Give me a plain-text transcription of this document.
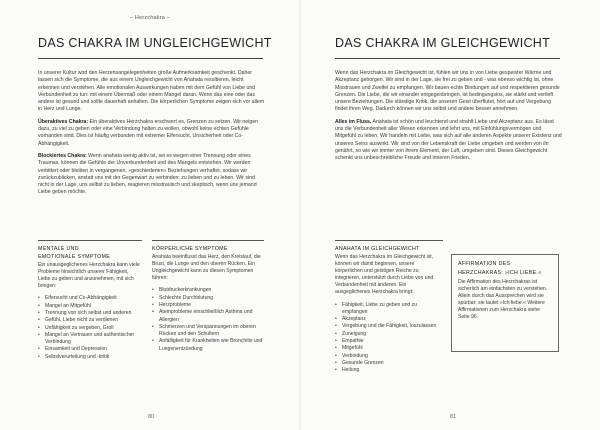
– Herzchakra –
DAS CHAKRA IM UNGLEICHGEWICHT

In unserer Kultur wird den Herzensangelegenheiten große Aufmerksamkeit geschenkt. Daher lassen sich die Symptome, die aus einem Ungleichgewicht von Anahata resultieren, leicht erkennen und verstehen. Alle emotionalen Auswirkungen haben mit dem Gefühl von Liebe und Verbundenheit zu tun: mit einem Übermaß oder einem Mangel daran. Wenn das eine oder das andere ist gesund und sollte dauerhaft anhalten. Die körperlichen Symptome zeigen sich vor allem in Herz und Lunge.

Überaktives Chakra: Ein überaktives Herzchakra erschwert es, Grenzen zu setzen. Wir neigen dazu, zu viel zu geben oder eine Verbindung halten zu wollen, obwohl keine echten Gefühle vorhanden sind. Dies ist häufig verbunden mit extremer Eifersucht, Unsicherheit oder Co-Abhängigkeit.

Blockiertes Chakra: Wenn anahata wenig aktiv ist, sei es wegen einer Trennung oder eines Traumas, können die Gefühle der Unverbundenheit und des Mangels entstehen. Wir werden verbittert oder bleiben in vergangenen, »geschiedenen« Beziehungen verhaftet, sodass wir zurückzublicken, anstatt uns mit der Gegenwart zu verbinden; zu lieben und zu leben. Wir sind nicht in der Lage, uns selbst zu lieben, reagieren misstrauisch und skeptisch, wenn uns jemand Liebe geben möchte.

MENTALE UND
EMOTIONALE SYMPTOME
Ein unausgeglichenes Herzchakra kann viele Probleme hinsichtlich unserer Fähigkeit, Liebe zu geben und anzunehmen, mit sich bringen:
• Eifersucht und Co-Abhängigkeit
• Mangel an Mitgefühl
• Trennung von sich selbst und anderen
• Gefühl, Liebe nicht zu verdienen
• Unfähigkeit zu vergeben, Groll
• Mangel an Vertrauen und authentischer Verbindung
• Einsamkeit und Depression
• Selbstverurteilung und -kritik
KÖRPERLICHE SYMPTOME
Anahata beeinflusst das Herz, den Kreislauf, die Brust, die Lunge und den oberen Rücken. Ein Ungleichgewicht kann zu diesen Symptomen führen:
• Blutdruckerkrankungen
• Schlechte Durchblutung
• Herzprobleme
• Atemprobleme einschließlich Asthma und Allergien
• Schmerzen und Verspannungen im oberen Rücken und den Schultern
• Anfälligkeit für Krankheiten wie Bronchitis und Lungenentzündung
80
DAS CHAKRA IM GLEICHGEWICHT

Wenn das Herzchakra im Gleichgewicht ist, fühlen wir uns in von Liebe gespeister Wärme und Akzeptanz geborgen. Wir sind in der Lage, sie frei zu geben und - was ebenso wichtig ist, ohne Misstrauen und Zweifel zu empfangen. Wir bauen echte Bindungen auf und respektieren gesunde Grenzen. Die Liebe, die wir einander entgegenbringen, ist bedingungslos, sie stärkt und vertieft unsere Beziehungen. Die ständige Kritik, die unseren Geist überflutet, hört auf und Vergebung findet ihren Weg. Dadurch können wir uns selbst und andere besser annehmen.

Alles im Fluss. Anahata ist schön und leuchtend und strahlt Liebe und Akzeptanz aus. Es lässt uns die Verbundenheit aller Wesen erkennen und lehrt uns, mit Einfühlungsvermögen und Mitgefühl zu leben. Wir handeln mit Liebe, was sich auf alle anderen Aspekte unserer Existenz und unseres Seins auswirkt. Wir sind von der Lebenskraft der Liebe umgeben und werden von ihr genährt, so wie wir immer von ihrem Element, der Luft, umgeben sind. Dieses Gleichgewicht schenkt uns unbeschreibliche Freude und inneren Frieden.

ANAHATA IM GLEICHGEWICHT
Wenn das Herzchakra im Gleichgewicht ist, können wir damit beginnen, unsere körperlichen und geistigen Reiche zu integrieren, unterstützt durch Liebe von und Verbundenheit mit anderen. Ein ausgeglichenes Herzchakra bringt:
• Fähigkeit, Liebe zu geben und zu empfangen
• Akzeptanz
• Vergebung und die Fähigkeit, loszulassen
• Zuneigung
• Empathie
• Mitgefühl
• Verbindung
• Gesunde Grenzen
• Heilung
AFFIRMATION DES
HERZCHAKRAS: »ICH LIEBE.«
Die Affirmation des Herzchakras ist sicherlich am einfachsten zu verstehen. Allein durch das Aussprechen wird sie spürbar: sie lautet »Ich liebe.« Weitere Affirmationen zum Herzchakra siehe Seite 96.
81
